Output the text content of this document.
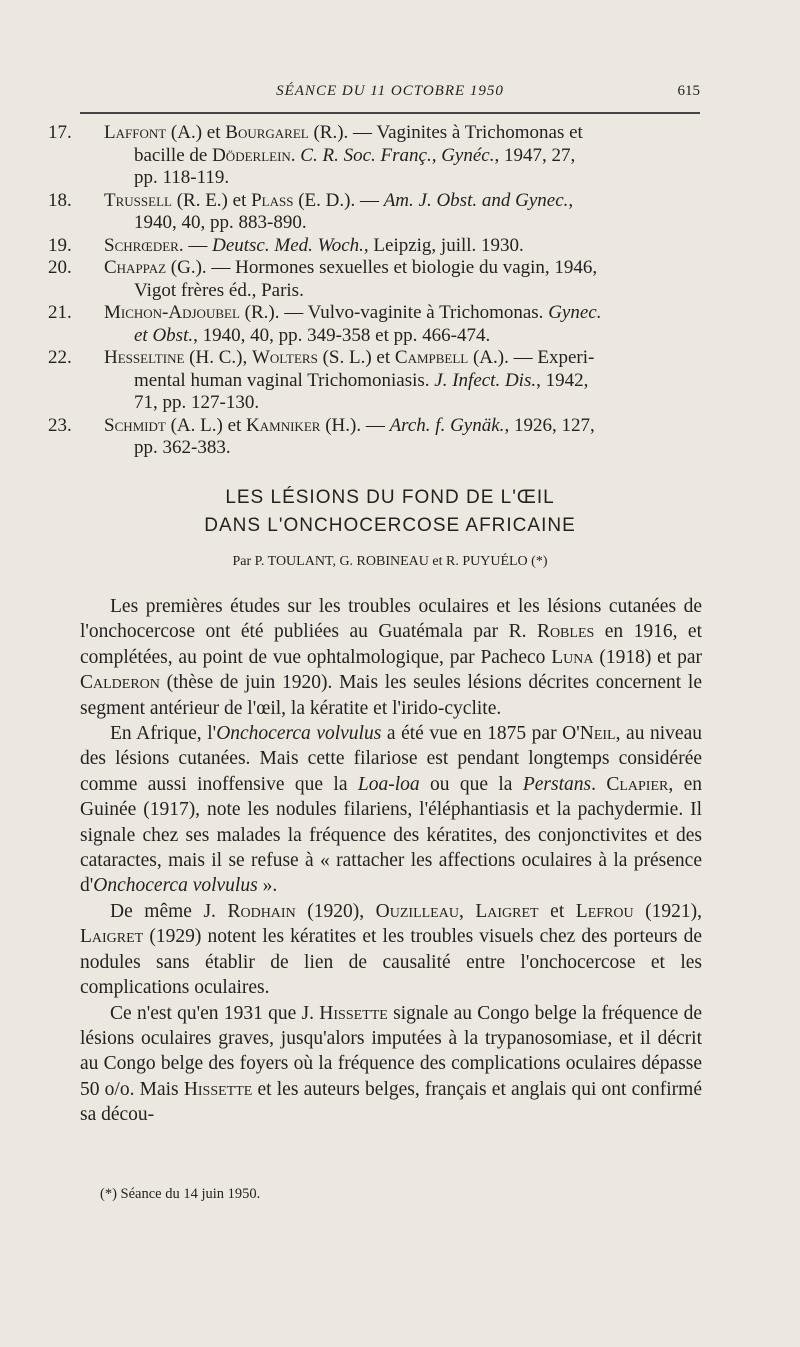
SÉANCE DU 11 OCTOBRE 1950	615
17.	Laffont (A.) et Bourgarel (R.). — Vaginites à Trichomonas et
bacille de Döderlein. C. R. Soc. Franç., Gynéc., 1947, 27,
pp. 118-119.
18.	Trussell (R. E.) et Plass (E. D.). — Am. J. Obst. and Gynec.,
1940, 40, pp. 883-890.
19.	Schrœder. — Deutsc. Med. Woch., Leipzig, juill. 1930.
20.	Chappaz (G.). — Hormones sexuelles et biologie du vagin, 1946,
Vigot frères éd., Paris.
21.	Michon-Adjoubel (R.). — Vulvo-vaginite à Trichomonas. Gynec.
et Obst., 1940, 40, pp. 349-358 et pp. 466-474.
22.	Hesseltine (H. C.), Wolters (S. L.) et Campbell (A.). — Experi-
mental human vaginal Trichomoniasis. J. Infect. Dis., 1942,
71, pp. 127-130.
23.	Schmidt (A. L.) et Kamniker (H.). — Arch. f. Gynäk., 1926, 127,
pp. 362-383.
LES LÉSIONS DU FOND DE L'ŒIL
DANS L'ONCHOCERCOSE AFRICAINE
Par P. TOULANT, G. ROBINEAU et R. PUYUÉLO (*)

Les premières études sur les troubles oculaires et les lésions cutanées de l'onchocercose ont été publiées au Guatémala par R. Robles en 1916, et complétées, au point de vue ophtalmologique, par Pacheco Luna (1918) et par Calderon (thèse de juin 1920). Mais les seules lésions décrites concernent le segment antérieur de l'œil, la kératite et l'irido-cyclite.

En Afrique, l'Onchocerca volvulus a été vue en 1875 par O'Neil, au niveau des lésions cutanées. Mais cette filariose est pendant longtemps considérée comme aussi inoffensive que la Loa-loa ou que la Perstans. Clapier, en Guinée (1917), note les nodules filariens, l'éléphantiasis et la pachydermie. Il signale chez ses malades la fréquence des kératites, des conjonctivites et des cataractes, mais il se refuse à « rattacher les affections oculaires à la présence d'Onchocerca volvulus ».

De même J. Rodhain (1920), Ouzilleau, Laigret et Lefrou (1921), Laigret (1929) notent les kératites et les troubles visuels chez des porteurs de nodules sans établir de lien de causalité entre l'onchocercose et les complications oculaires.

Ce n'est qu'en 1931 que J. Hissette signale au Congo belge la fréquence de lésions oculaires graves, jusqu'alors imputées à la trypanosomiase, et il décrit au Congo belge des foyers où la fréquence des complications oculaires dépasse 50 o/o. Mais Hissette et les auteurs belges, français et anglais qui ont confirmé sa décou-

(*) Séance du 14 juin 1950.
